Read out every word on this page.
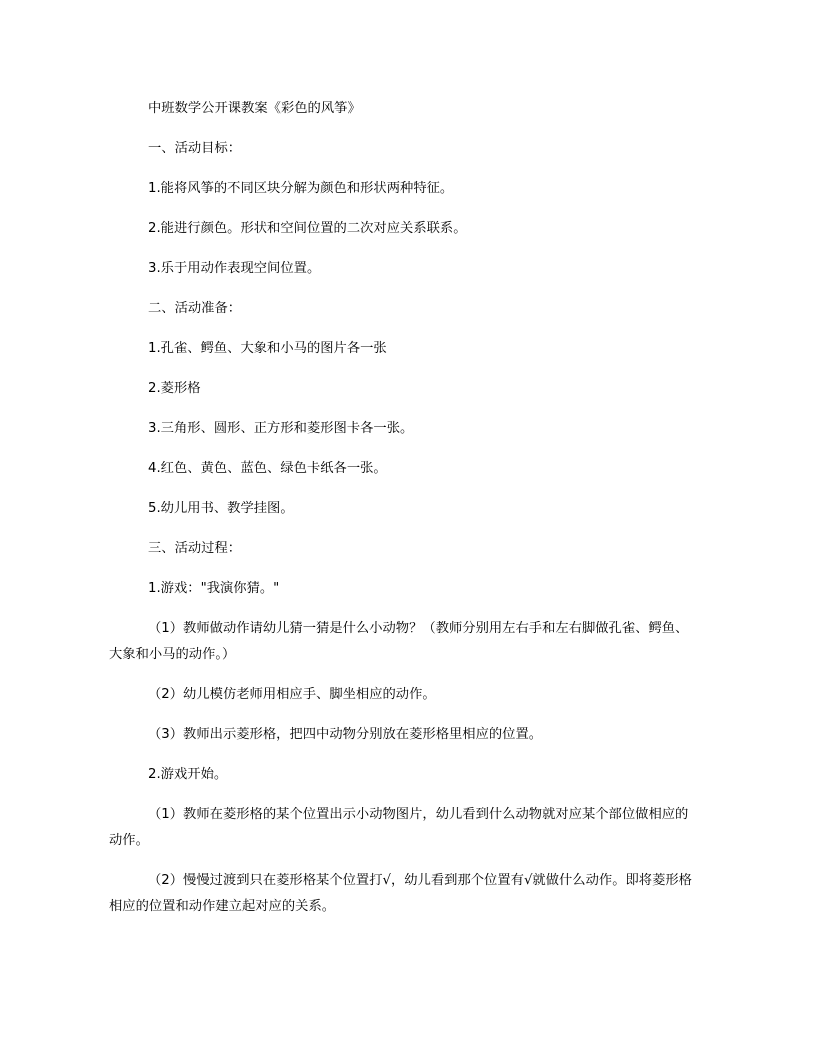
中班数学公开课教案《彩色的风筝》
一、活动目标：
1.能将风筝的不同区块分解为颜色和形状两种特征。
2.能进行颜色。形状和空间位置的二次对应关系联系。
3.乐于用动作表现空间位置。
二、活动准备：
1.孔雀、鳄鱼、大象和小马的图片各一张
2.菱形格
3.三角形、圆形、正方形和菱形图卡各一张。
4.红色、黄色、蓝色、绿色卡纸各一张。
5.幼儿用书、教学挂图。
三、活动过程：
1.游戏："我演你猜。"
（1）教师做动作请幼儿猜一猜是什么小动物？（教师分别用左右手和左右脚做孔雀、鳄鱼、大象和小马的动作。）
（2）幼儿模仿老师用相应手、脚坐相应的动作。
（3）教师出示菱形格，把四中动物分别放在菱形格里相应的位置。
2.游戏开始。
（1）教师在菱形格的某个位置出示小动物图片，幼儿看到什么动物就对应某个部位做相应的动作。
（2）慢慢过渡到只在菱形格某个位置打√，幼儿看到那个位置有√就做什么动作。即将菱形格相应的位置和动作建立起对应的关系。
